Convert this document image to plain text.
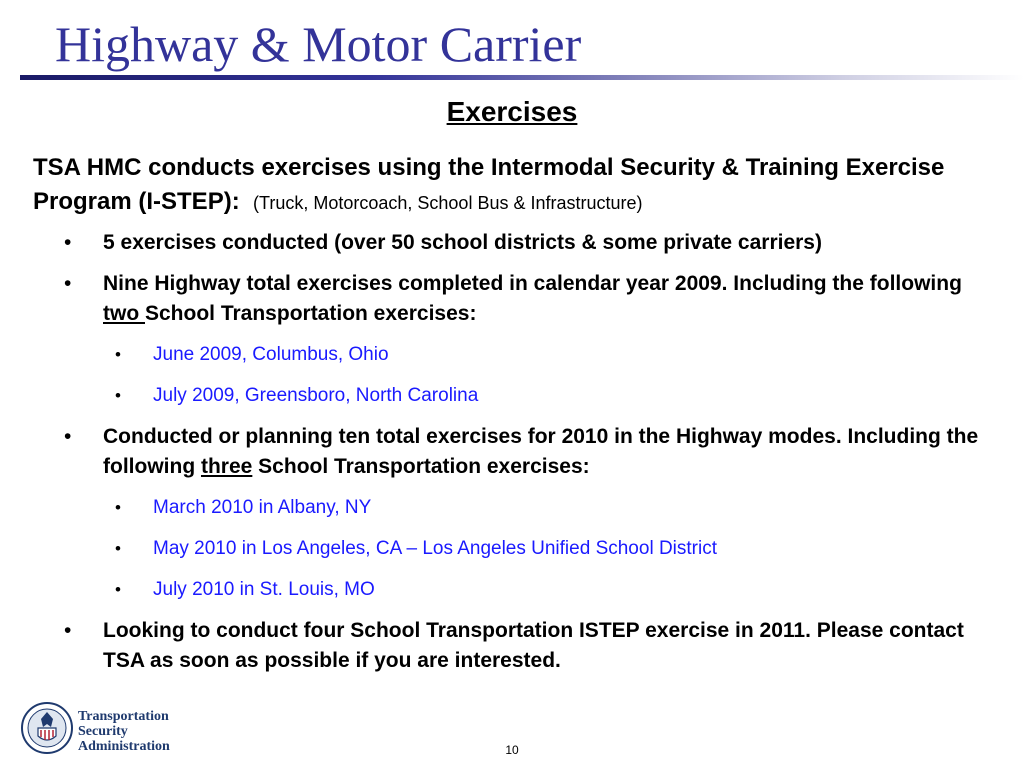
Highway & Motor Carrier
Exercises

TSA HMC conducts exercises using the Intermodal Security & Training Exercise Program (I-STEP): (Truck, Motorcoach, School Bus & Infrastructure)

• 5 exercises conducted (over 50 school districts & some private carriers)
• Nine Highway total exercises completed in calendar year 2009. Including the following two School Transportation exercises:
• June 2009, Columbus, Ohio
• July 2009, Greensboro, North Carolina
• Conducted or planning ten total exercises for 2010 in the Highway modes. Including the following three School Transportation exercises:
• March 2010 in Albany, NY
• May 2010 in Los Angeles, CA – Los Angeles Unified School District
• July 2010 in St. Louis, MO
• Looking to conduct four School Transportation ISTEP exercise in 2011. Please contact TSA as soon as possible if you are interested.
Transportation
Security
Administration	10
